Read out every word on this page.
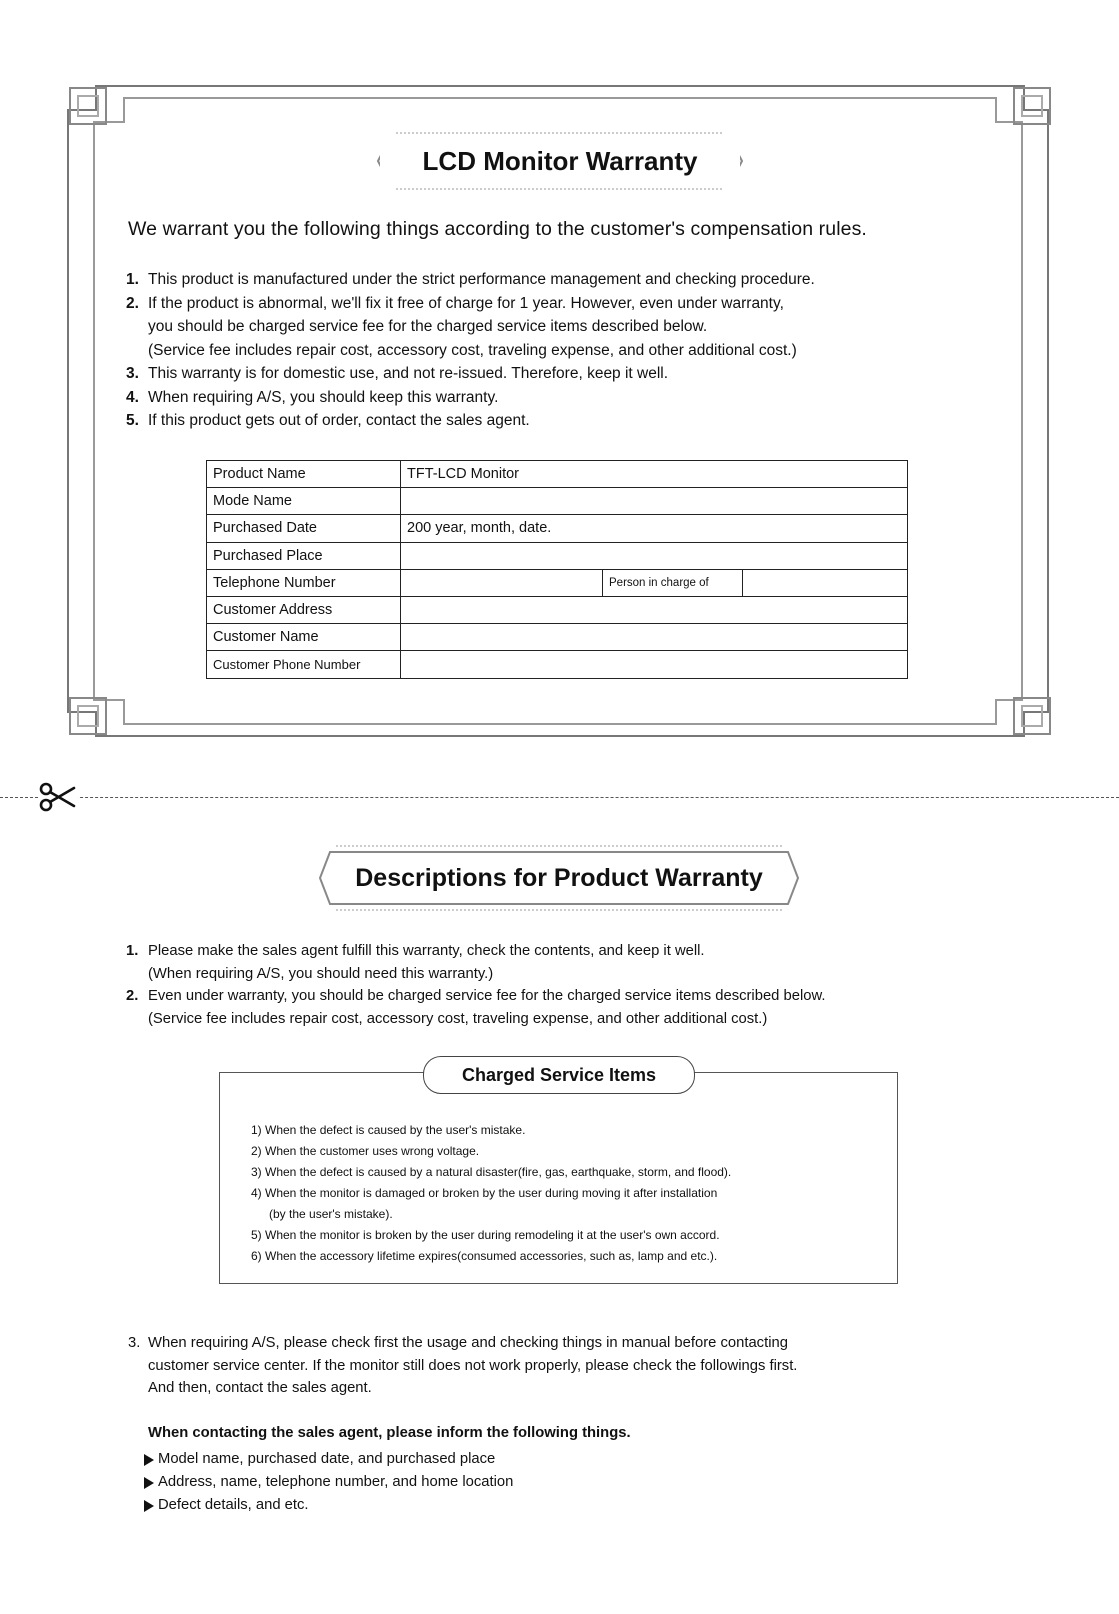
LCD Monitor Warranty
We warrant you the following things according to the customer's compensation rules.
1. This product is manufactured under the strict performance management and checking procedure.
2. If the product is abnormal, we'll fix it free of charge for 1 year. However, even under warranty,
you should be charged service fee for the charged service items described below.
(Service fee includes repair cost, accessory cost, traveling expense, and other additional cost.)
3. This warranty is for domestic use, and not re-issued. Therefore, keep it well.
4. When requiring A/S, you should keep this warranty.
5. If this product gets out of order, contact the sales agent.
Product Name	TFT-LCD Monitor		
Mode Name			
Purchased Date	200 year, month, date.		
Purchased Place			
Telephone Number		Person in charge of	
Customer Address			
Customer Name			
Customer Phone Number			
Descriptions for Product Warranty
1. Please make the sales agent fulfill this warranty, check the contents, and keep it well.
(When requiring A/S, you should need this warranty.)
2. Even under warranty, you should be charged service fee for the charged service items described below.
(Service fee includes repair cost, accessory cost, traveling expense, and other additional cost.)
Charged Service Items
1) When the defect is caused by the user's mistake.
2) When the customer uses wrong voltage.
3) When the defect is caused by a natural disaster(fire, gas, earthquake, storm, and flood).
4) When the monitor is damaged or broken by the user during moving it after installation
(by the user's mistake).
5) When the monitor is broken by the user during remodeling it at the user's own accord.
6) When the accessory lifetime expires(consumed accessories, such as, lamp and etc.).
3. When requiring A/S, please check first the usage and checking things in manual before contacting
customer service center. If the monitor still does not work properly, please check the followings first.
And then, contact the sales agent.
When contacting the sales agent, please inform the following things.
Model name, purchased date, and purchased place
Address, name, telephone number, and home location
Defect details, and etc.
